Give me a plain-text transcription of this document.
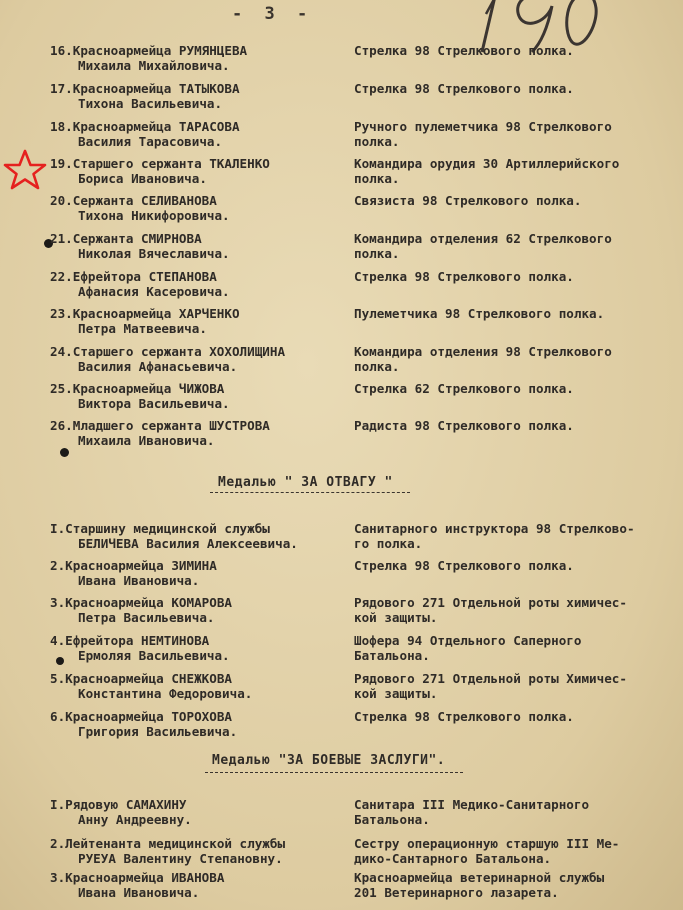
- 3 -
16.Красноармейца РУМЯНЦЕВА
Михаила Михайловича.
Стрелка 98 Стрелкового полка.
17.Красноармейца ТАТЫКОВА
Тихона Васильевича.
Стрелка 98 Стрелкового полка.
18.Красноармейца ТАРАСОВА
Василия Тарасовича.
Ручного пулеметчика 98 Стрелкового
полка.
19.Старшего сержанта ТКАЛЕНКО
Бориса Ивановича.
Командира орудия 30 Артиллерийского
полка.
20.Сержанта СЕЛИВАНОВА
Тихона Никифоровича.
Связиста 98 Стрелкового полка.
21.Сержанта СМИРНОВА
Николая Вячеславича.
Командира отделения 62 Стрелкового
полка.
22.Ефрейтора СТЕПАНОВА
Афанасия Касеровича.
Стрелка 98 Стрелкового полка.
23.Красноармейца ХАРЧЕНКО
Петра Матвеевича.
Пулеметчика 98 Стрелкового полка.
24.Старшего сержанта ХОХОЛИЩИНА
Василия Афанасьевича.
Командира отделения 98 Стрелкового
полка.
25.Красноармейца ЧИЖОВА
Виктора Васильевича.
Стрелка 62 Стрелкового полка.
26.Младшего сержанта ШУСТРОВА
Михаила Ивановича.
Радиста 98 Стрелкового полка.
Медалью " ЗА ОТВАГУ "
I.Старшину медицинской службы
БЕЛИЧЕВА Василия Алексеевича.
Санитарного инструктора 98 Стрелково-
го полка.
2.Красноармейца ЗИМИНА
Ивана Ивановича.
Стрелка 98 Стрелкового полка.
3.Красноармейца КОМАРОВА
Петра Васильевича.
Рядового 271 Отдельной роты химичес-
кой защиты.
4.Ефрейтора НЕМТИНОВА
Ермоляя Васильевича.
Шофера 94 Отдельного Саперного
Батальона.
5.Красноармейца СНЕЖКОВА
Константина Федоровича.
Рядового 271 Отдельной роты Химичес-
кой защиты.
6.Красноармейца ТОРОХОВА
Григория Васильевича.
Стрелка 98 Стрелкового полка.
Медалью "ЗА БОЕВЫЕ ЗАСЛУГИ".
I.Рядовую САМАХИНУ
Анну Андреевну.
Санитара III Медико-Санитарного
Батальона.
2.Лейтенанта медицинской службы
РУЕУА Валентину Степановну.
Сестру операционную старшую III Ме-
дико-Сантарного Батальона.
3.Красноармейца ИВАНОВА
Ивана Ивановича.
Красноармейца ветеринарной службы
201 Ветеринарного лазарета.
